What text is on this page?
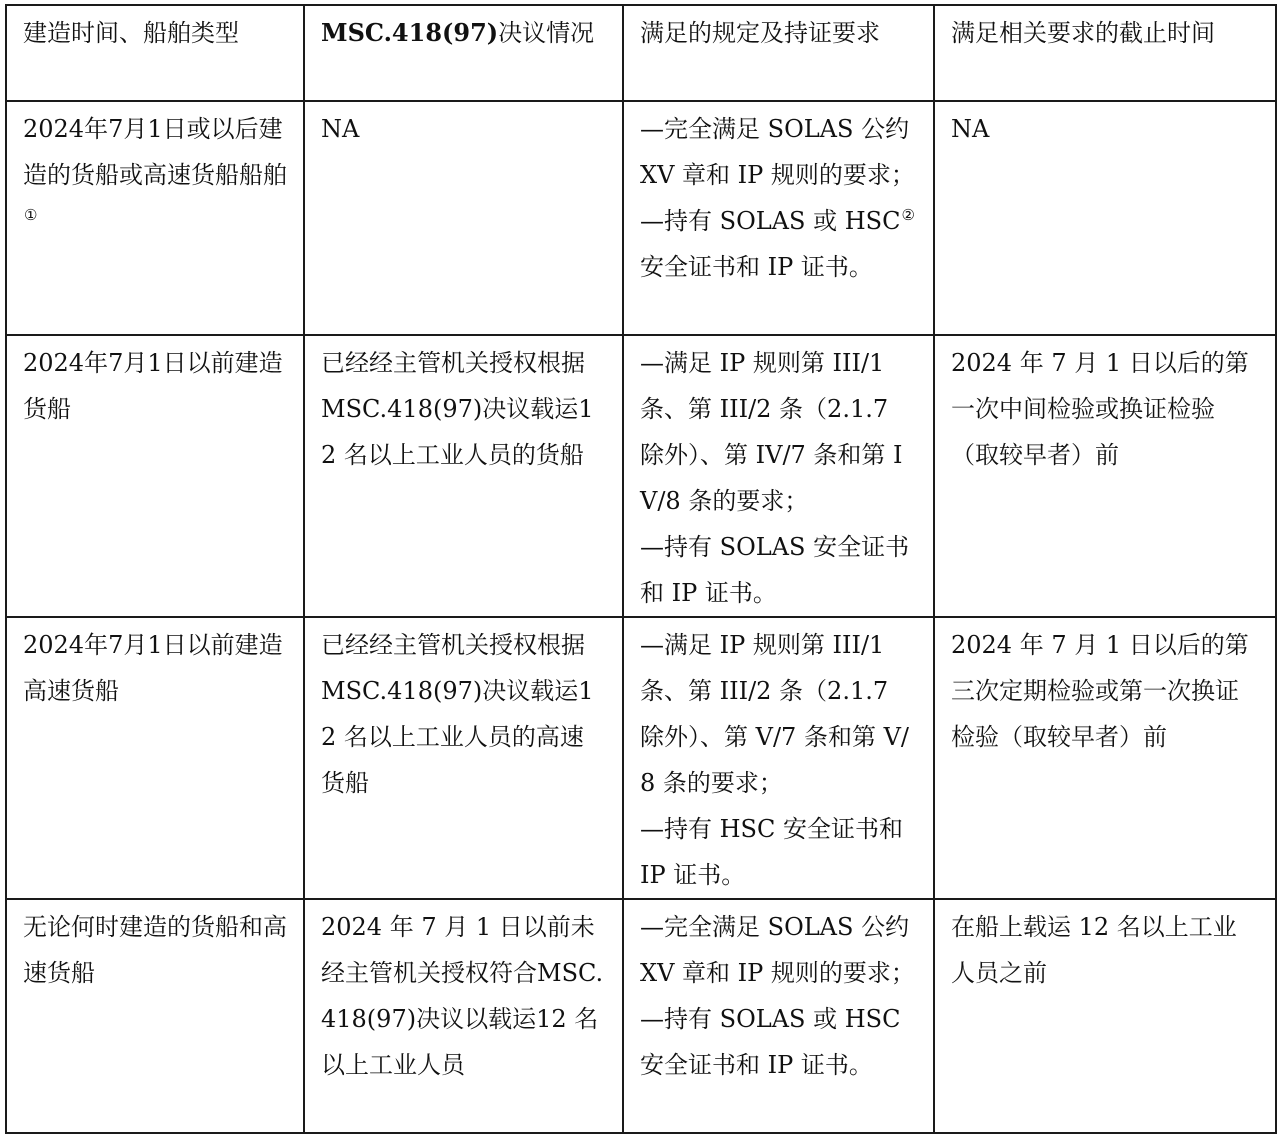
建造时间、船舶类型	MSC.418(97)决议情况	满足的规定及持证要求	满足相关要求的截止时间
2024年7月1日或以后建造的货船或高速货船船舶①	NA	—完全满足 SOLAS 公约 XV 章和 IP 规则的要求；
—持有 SOLAS 或 HSC②
安全证书和 IP 证书。	NA
2024年7月1日以前建造货船	已经经主管机关授权根据MSC.418(97)决议载运12 名以上工业人员的货船	—满足 IP 规则第 III/1 条、第 III/2 条（2.1.7 除外）、第 IV/7 条和第 IV/8 条的要求；
—持有 SOLAS 安全证书和 IP 证书。	2024 年 7 月 1 日以后的第一次中间检验或换证检验（取较早者）前
2024年7月1日以前建造高速货船	已经经主管机关授权根据MSC.418(97)决议载运12 名以上工业人员的高速货船	—满足 IP 规则第 III/1 条、第 III/2 条（2.1.7 除外）、第 V/7 条和第 V/8 条的要求；
—持有 HSC 安全证书和 IP 证书。	2024 年 7 月 1 日以后的第三次定期检验或第一次换证检验（取较早者）前
无论何时建造的货船和高速货船	2024 年 7 月 1 日以前未经主管机关授权符合MSC.418(97)决议以载运12 名以上工业人员	—完全满足 SOLAS 公约 XV 章和 IP 规则的要求；
—持有 SOLAS 或 HSC 安全证书和 IP 证书。	在船上载运 12 名以上工业人员之前
